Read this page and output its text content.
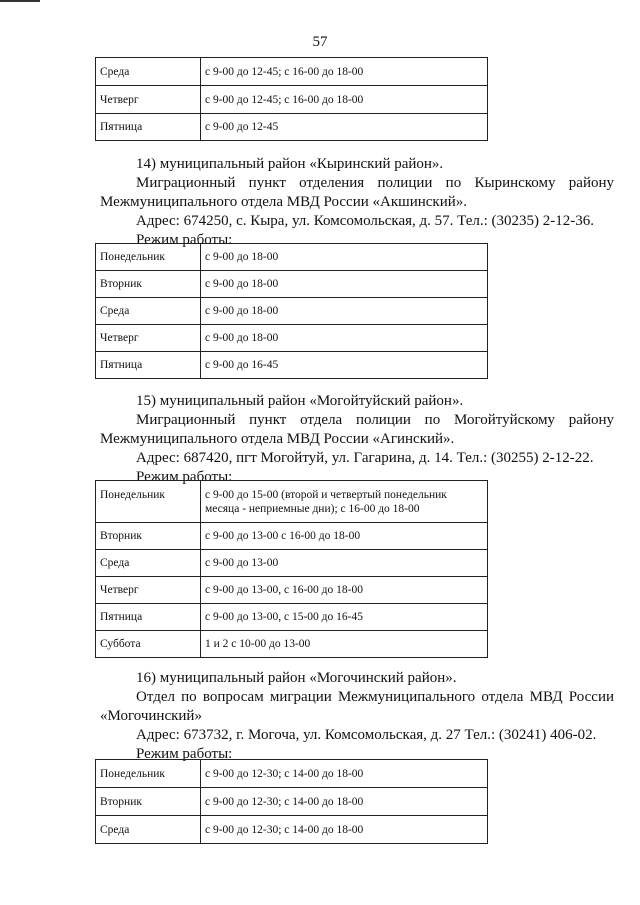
57
Среда	с 9-00 до 12-45; с 16-00 до 18-00
Четверг	с 9-00 до 12-45; с 16-00 до 18-00
Пятница	с 9-00 до 12-45
14) муниципальный район «Кыринский район».
Миграционный пункт отделения полиции по Кыринскому району
Межмуниципального отдела МВД России «Акшинский».
Адрес: 674250, с. Кыра, ул. Комсомольская, д. 57. Тел.: (30235) 2-12-36.
Режим работы:
Понедельник	с 9-00 до 18-00
Вторник	с 9-00 до 18-00
Среда	с 9-00 до 18-00
Четверг	с 9-00 до 18-00
Пятница	с 9-00 до 16-45
15) муниципальный район «Могойтуйский район».
Миграционный пункт отдела полиции по Могойтуйскому району
Межмуниципального отдела МВД России «Агинский».
Адрес: 687420, пгт Могойтуй, ул. Гагарина, д. 14. Тел.: (30255) 2-12-22.
Режим работы:
Понедельник	с 9-00 до 15-00 (второй и четвертый понедельник
месяца - неприемные дни); с 16-00 до 18-00

Вторник	с 9-00 до 13-00 с 16-00 до 18-00
Среда	с 9-00 до 13-00
Четверг	с 9-00 до 13-00, с 16-00 до 18-00
Пятница	с 9-00 до 13-00, с 15-00 до 16-45
Суббота	1 и 2 с 10-00 до 13-00
16) муниципальный район «Могочинский район».
Отдел по вопросам миграции Межмуниципального отдела МВД России
«Могочинский»
Адрес: 673732, г. Могоча, ул. Комсомольская, д. 27 Тел.: (30241) 406-02.
Режим работы:
Понедельник	с 9-00 до 12-30; с 14-00 до 18-00
Вторник	с 9-00 до 12-30; с 14-00 до 18-00
Среда	с 9-00 до 12-30; с 14-00 до 18-00
